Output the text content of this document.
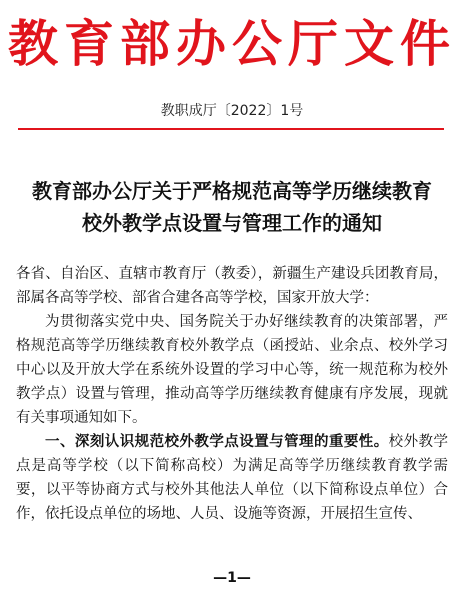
教育部办公厅文件
教职成厅〔2022〕1号
教育部办公厅关于严格规范高等学历继续教育
校外教学点设置与管理工作的通知

各省、自治区、直辖市教育厅（教委），新疆生产建设兵团教育局，部属各高等学校、部省合建各高等学校，国家开放大学：

为贯彻落实党中央、国务院关于办好继续教育的决策部署，严格规范高等学历继续教育校外教学点（函授站、业余点、校外学习中心以及开放大学在系统外设置的学习中心等，统一规范称为校外教学点）设置与管理，推动高等学历继续教育健康有序发展，现就有关事项通知如下。

一、深刻认识规范校外教学点设置与管理的重要性。校外教学点是高等学校（以下简称高校）为满足高等学历继续教育教学需要，以平等协商方式与校外其他法人单位（以下简称设点单位）合作，依托设点单位的场地、人员、设施等资源，开展招生宣传、

—1—
